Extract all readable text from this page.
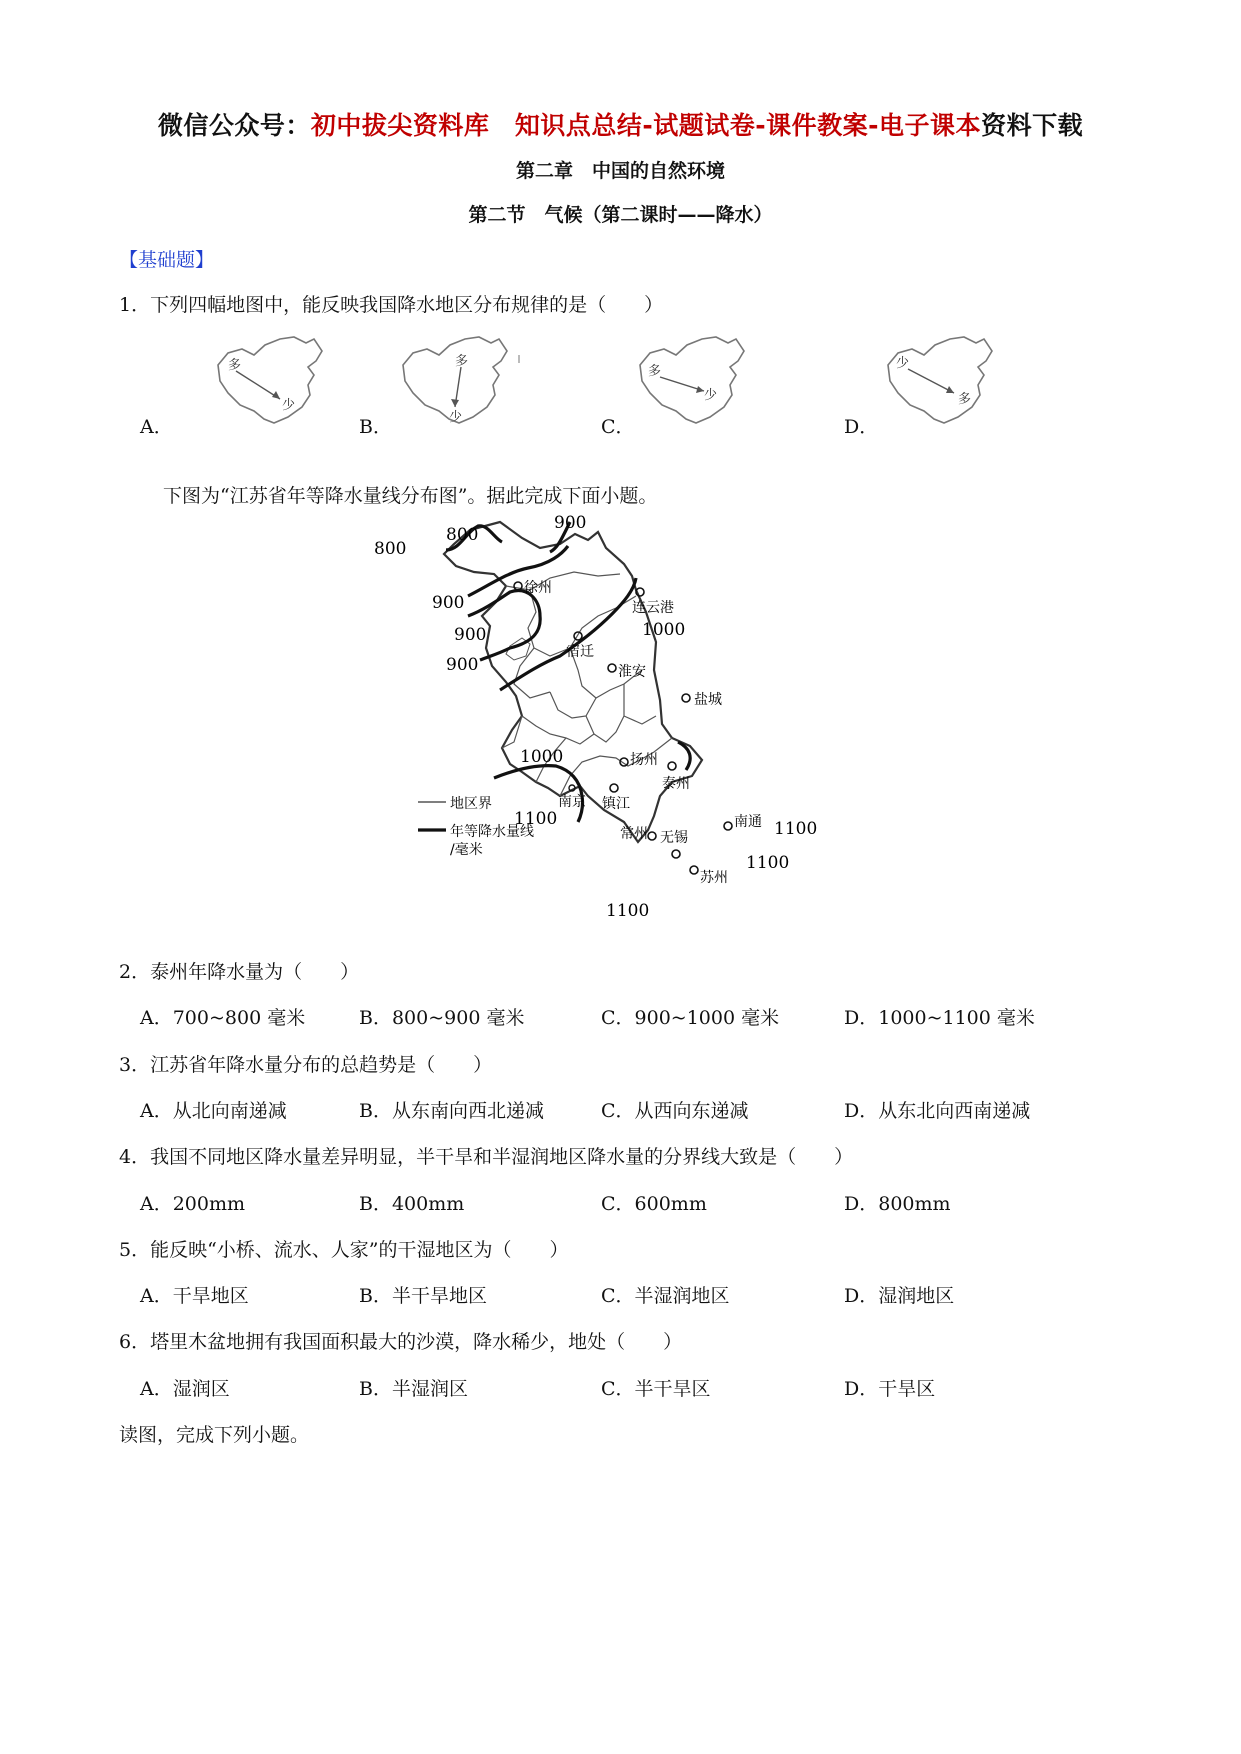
微信公众号：初中拔尖资料库　知识点总结-试题试卷-课件教案-电子课本资料下载
第二章　中国的自然环境
第二节　气候（第二课时——降水）
【基础题】
1．下列四幅地图中，能反映我国降水地区分布规律的是（　　）
多
少
A．
多
少
B．
多
少
C．
少
多
D．
下图为“江苏省年等降水量线分布图”。据此完成下面小题。
800
800
900
900
900
900
1000
1000
1100
1100
1100
1100
徐州
连云港
宿迁
淮安
盐城
扬州
泰州
南京 镇江
常州 无锡
南通
苏州
地区界
年等降水量线
/毫米
2．泰州年降水量为（　　）
A．700~800 毫米	B．800~900 毫米	C．900~1000 毫米	D．1000~1100 毫米
3．江苏省年降水量分布的总趋势是（　　）
A．从北向南递减	B．从东南向西北递减	C．从西向东递减	D．从东北向西南递减
4．我国不同地区降水量差异明显，半干旱和半湿润地区降水量的分界线大致是（　　）
A．200mm	B．400mm	C．600mm	D．800mm
5．能反映“小桥、流水、人家”的干湿地区为（　　）
A．干旱地区	B．半干旱地区	C．半湿润地区	D．湿润地区
6．塔里木盆地拥有我国面积最大的沙漠，降水稀少，地处（　　）
A．湿润区	B．半湿润区	C．半干旱区	D．干旱区
读图，完成下列小题。
